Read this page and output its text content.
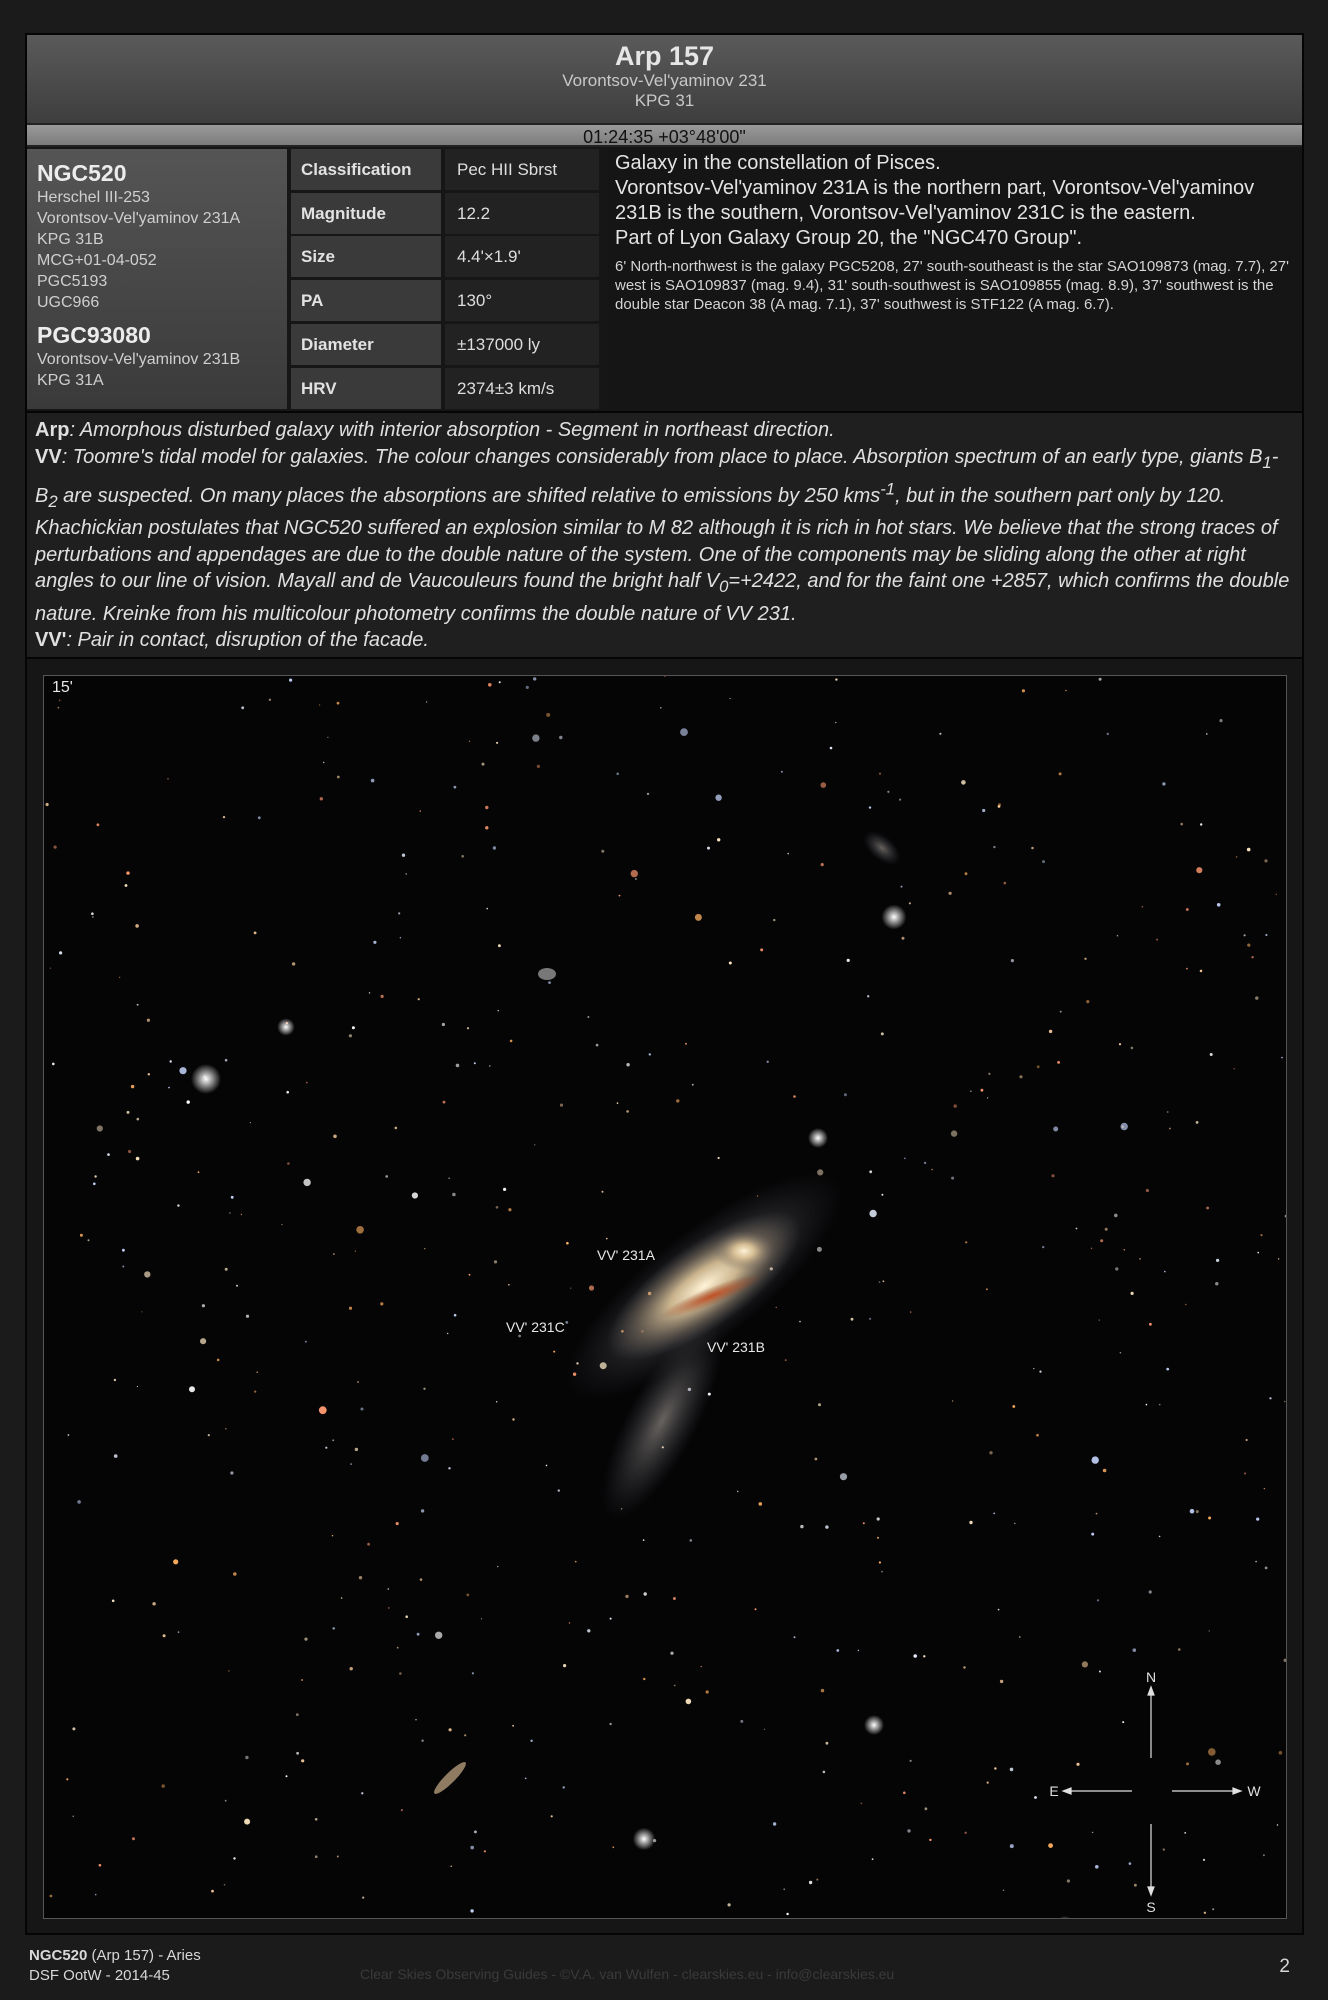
Arp 157
Vorontsov-Vel'yaminov 231
KPG 31
01:24:35 +03°48'00"
NGC520
Herschel III-253
Vorontsov-Vel'yaminov 231A
KPG 31B
MCG+01-04-052
PGC5193
UGC966
PGC93080
Vorontsov-Vel'yaminov 231B
KPG 31A
Classification	Pec HII Sbrst
Magnitude	12.2
Size	4.4'×1.9'
PA	130°
Diameter	±137000 ly
HRV	2374±3 km/s

Galaxy in the constellation of Pisces.

Vorontsov-Vel'yaminov 231A is the northern part, Vorontsov-Vel'yaminov 231B is the southern, Vorontsov-Vel'yaminov 231C is the eastern.

Part of Lyon Galaxy Group 20, the "NGC470 Group".

6' North-northwest is the galaxy PGC5208, 27' south-southeast is the star SAO109873 (mag. 7.7), 27' west is SAO109837 (mag. 9.4), 31' south-southwest is SAO109855 (mag. 8.9), 37' southwest is the double star Deacon 38 (A mag. 7.1), 37' southwest is STF122 (A mag. 6.7).

Arp: Amorphous disturbed galaxy with interior absorption - Segment in northeast direction.
VV: Toomre's tidal model for galaxies. The colour changes considerably from place to place. Absorption spectrum of an early type, giants $B_1-B_2$ are suspected. On many places the absorptions are shifted relative to emissions by 250 kms$^{-1}$, but in the southern part only by 120. Khachickian postulates that NGC520 suffered an explosion similar to M 82 although it is rich in hot stars. We believe that the strong traces of perturbations and appendages are due to the double nature of the system. One of the components may be sliding along the other at right angles to our line of vision. Mayall and de Vaucouleurs found the bright half $V_0=+2422$, and for the faint one +2857, which confirms the double nature. Kreinke from his multicolour photometry confirms the double nature of VV 231.
VV': Pair in contact, disruption of the facade.
N
S
E	W
15'
VV' 231A
VV' 231B
VV' 231C
NGC520 (Arp 157) - Aries
DSF OotW - 2014-45	Clear Skies Observing Guides - ©V.A. van Wulfen - clearskies.eu - info@clearskies.eu	2
